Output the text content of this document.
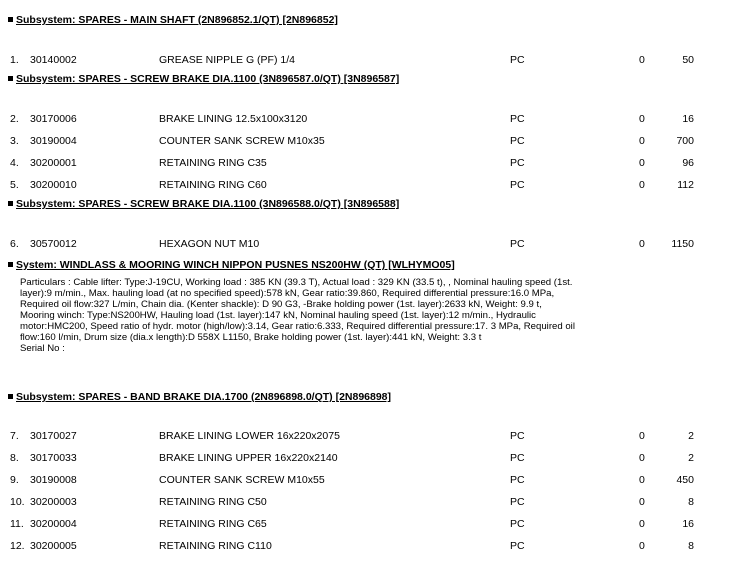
Subsystem: SPARES - MAIN SHAFT (2N896852.1/QT) [2N896852]
Subsystem: SPARES - SCREW BRAKE DIA.1100 (3N896587.0/QT) [3N896587]
Subsystem: SPARES - SCREW BRAKE DIA.1100 (3N896588.0/QT) [3N896588]
System: WINDLASS & MOORING WINCH NIPPON PUSNES NS200HW (QT) [WLHYMO05]
Subsystem: SPARES - BAND BRAKE DIA.1700 (2N896898.0/QT) [2N896898]
1. 30140002	GREASE NIPPLE G (PF) 1/4	PC	0	50
2. 30170006	BRAKE LINING 12.5x100x3120	PC	0	16
3. 30190004	COUNTER SANK SCREW M10x35	PC	0	700
4. 30200001	RETAINING RING C35	PC	0	96
5. 30200010	RETAINING RING C60	PC	0	112
6. 30570012	HEXAGON NUT M10	PC	0	1150
Particulars : Cable lifter: Type:J-19CU, Working load : 385 KN (39.3 T), Actual load : 329 KN (33.5 t), , Nominal hauling speed (1st.
layer):9 m/min., Max. hauling load (at no specified speed):578 kN, Gear ratio:39.860, Required differential pressure:16.0 MPa,
Required oil flow:327 L/min, Chain dia. (Kenter shackle): D 90 G3, -Brake holding power (1st. layer):2633 kN, Weight: 9.9 t,
Mooring winch: Type:NS200HW, Hauling load (1st. layer):147 kN, Nominal hauling speed (1st. layer):12 m/min., Hydraulic
motor:HMC200, Speed ratio of hydr. motor (high/low):3.14, Gear ratio:6.333, Required differential pressure:17. 3 MPa, Required oil
flow:160 l/min, Drum size (dia.x length):D 558X L1150, Brake holding power (1st. layer):441 kN, Weight: 3.3 t
Serial No :
7. 30170027	BRAKE LINING LOWER 16x220x2075	PC	0	2
8. 30170033	BRAKE LINING UPPER 16x220x2140	PC	0	2
9. 30190008	COUNTER SANK SCREW M10x55	PC	0	450
10. 30200003	RETAINING RING C50	PC	0	8
11. 30200004	RETAINING RING C65	PC	0	16
12. 30200005	RETAINING RING C110	PC	0	8
